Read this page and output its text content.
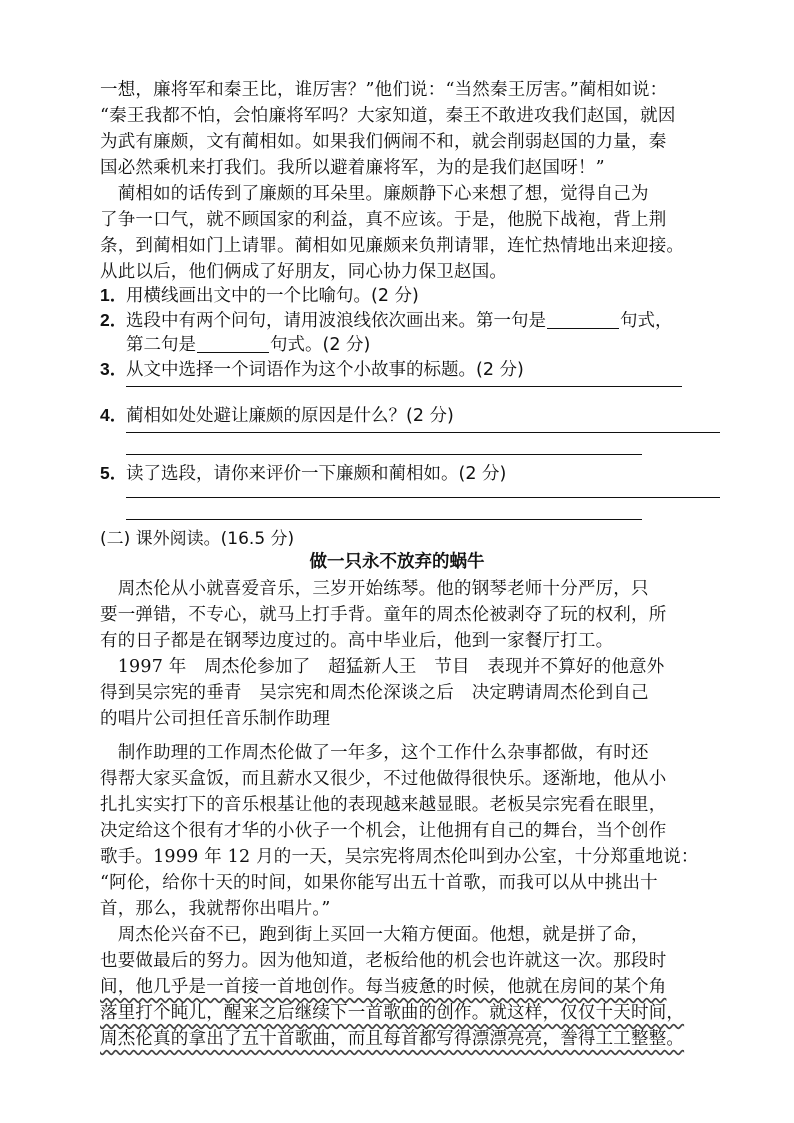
一想，廉将军和秦王比，谁厉害？”他们说：“当然秦王厉害。”蔺相如说：
“秦王我都不怕，会怕廉将军吗？大家知道，秦王不敢进攻我们赵国，就因
为武有廉颇，文有蔺相如。如果我们俩闹不和，就会削弱赵国的力量，秦
国必然乘机来打我们。我所以避着廉将军，为的是我们赵国呀！”
　蔺相如的话传到了廉颇的耳朵里。廉颇静下心来想了想，觉得自己为
了争一口气，就不顾国家的利益，真不应该。于是，他脱下战袍，背上荆
条，到蔺相如门上请罪。蔺相如见廉颇来负荆请罪，连忙热情地出来迎接。
从此以后，他们俩成了好朋友，同心协力保卫赵国。
1．用横线画出文中的一个比喻句。(2 分)
2．选段中有两个问句，请用波浪线依次画出来。第一句是	句式，
第二句是	句式。(2 分)
3．从文中选择一个词语作为这个小故事的标题。(2 分)
4．蔺相如处处避让廉颇的原因是什么？(2 分)
5．读了选段，请你来评价一下廉颇和蔺相如。(2 分)
(二) 课外阅读。(16.5 分)
做一只永不放弃的蜗牛
　周杰伦从小就喜爱音乐，三岁开始练琴。他的钢琴老师十分严厉，只
要一弹错，不专心，就马上打手背。童年的周杰伦被剥夺了玩的权利，所
有的日子都是在钢琴边度过的。高中毕业后，他到一家餐厅打工。
　1997 年　周杰伦参加了　超猛新人王　节目　表现并不算好的他意外
得到吴宗宪的垂青　吴宗宪和周杰伦深谈之后　决定聘请周杰伦到自己
的唱片公司担任音乐制作助理
　制作助理的工作周杰伦做了一年多，这个工作什么杂事都做，有时还
得帮大家买盒饭，而且薪水又很少，不过他做得很快乐。逐渐地，他从小
扎扎实实打下的音乐根基让他的表现越来越显眼。老板吴宗宪看在眼里，
决定给这个很有才华的小伙子一个机会，让他拥有自己的舞台，当个创作
歌手。1999 年 12 月的一天，吴宗宪将周杰伦叫到办公室，十分郑重地说：
“阿伦，给你十天的时间，如果你能写出五十首歌，而我可以从中挑出十
首，那么，我就帮你出唱片。”
　周杰伦兴奋不已，跑到街上买回一大箱方便面。他想，就是拼了命，
也要做最后的努力。因为他知道，老板给他的机会也许就这一次。那段时
间，他几乎是一首接一首地创作。每当疲惫的时候，他就在房间的某个角
落里打个盹儿，醒来之后继续下一首歌曲的创作。就这样，仅仅十天时间，
周杰伦真的拿出了五十首歌曲，而且每首都写得漂漂亮亮，誊得工工整整。
